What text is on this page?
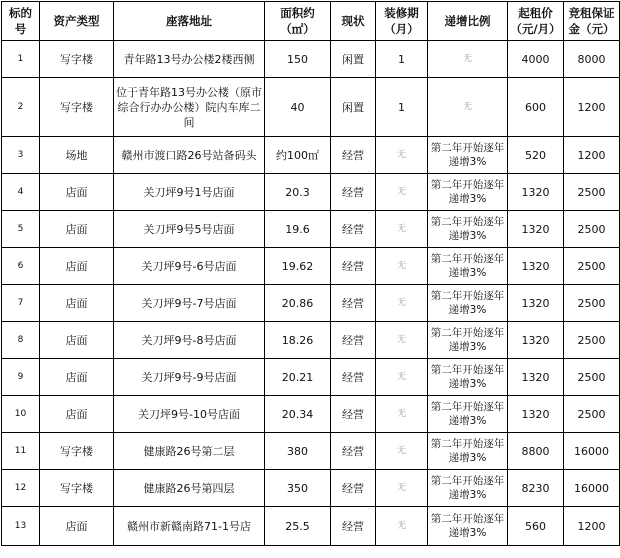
标的号	资产类型	座落地址	面积约（㎡）	现状	装修期（月）	递增比例	起租价（元/月）	竞租保证金（元）
1	写字楼	青年路13号办公楼2楼西侧	150	闲置	1	无	4000	8000
2	写字楼	位于青年路13号办公楼（原市综合行办办公楼）院内车库二间	40	闲置	1	无	600	1200
3	场地	赣州市渡口路26号站备码头	约100㎡	经营	无	第二年开始逐年递增3%	520	1200
4	店面	关刀坪9号1号店面	20.3	经营	无	第二年开始逐年递增3%	1320	2500
5	店面	关刀坪9号5号店面	19.6	经营	无	第二年开始逐年递增3%	1320	2500
6	店面	关刀坪9号-6号店面	19.62	经营	无	第二年开始逐年递增3%	1320	2500
7	店面	关刀坪9号-7号店面	20.86	经营	无	第二年开始逐年递增3%	1320	2500
8	店面	关刀坪9号-8号店面	18.26	经营	无	第二年开始逐年递增3%	1320	2500
9	店面	关刀坪9号-9号店面	20.21	经营	无	第二年开始逐年递增3%	1320	2500
10	店面	关刀坪9号-10号店面	20.34	经营	无	第二年开始逐年递增3%	1320	2500
11	写字楼	健康路26号第二层	380	经营	无	第二年开始逐年递增3%	8800	16000
12	写字楼	健康路26号第四层	350	经营	无	第二年开始逐年递增3%	8230	16000
13	店面	赣州市新赣南路71-1号店	25.5	经营	无	第二年开始逐年递增3%	560	1200
